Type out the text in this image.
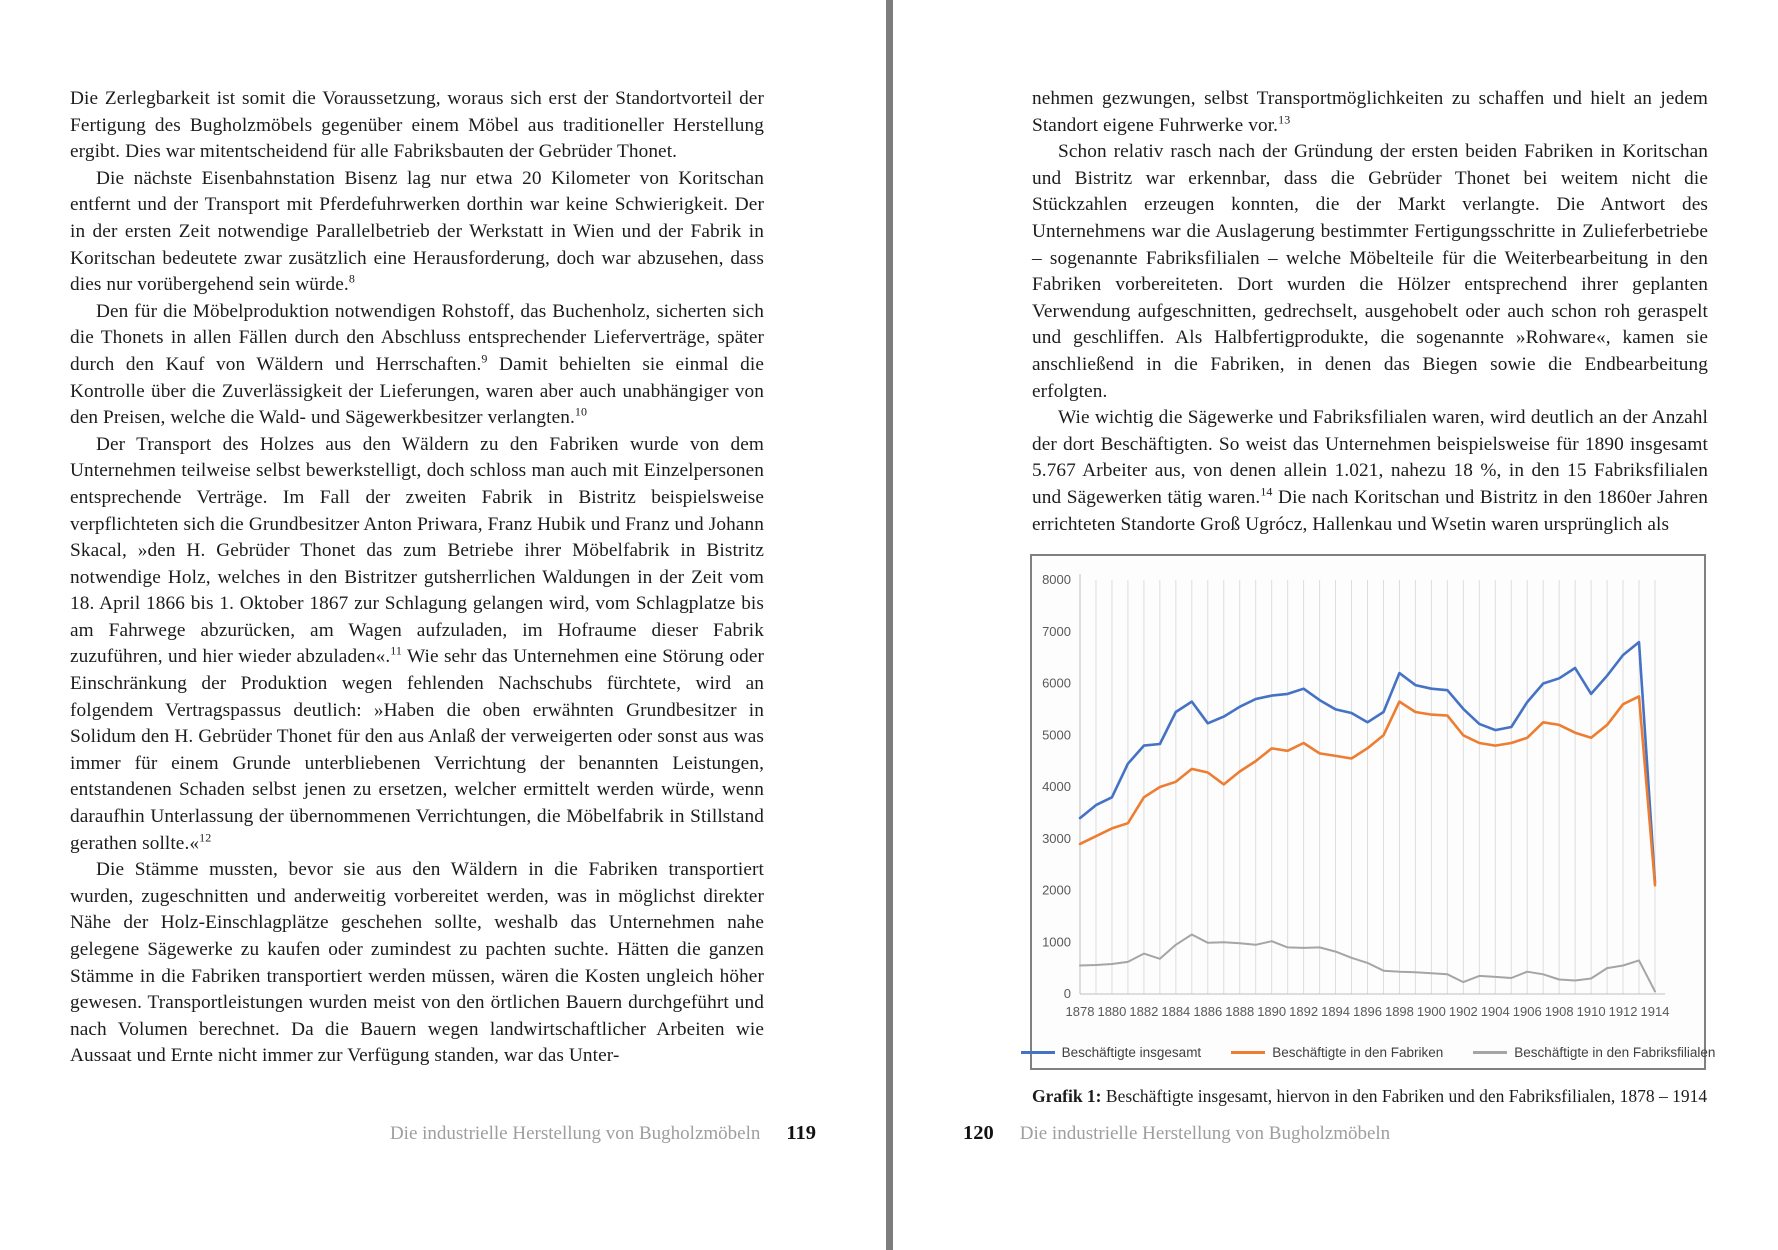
Die Zerlegbarkeit ist somit die Voraussetzung, woraus sich erst der Standortvorteil der Fertigung des Bugholzmöbels gegenüber einem Möbel aus traditioneller Herstellung ergibt. Dies war mitentscheidend für alle Fabriksbauten der Gebrüder Thonet.

Die nächste Eisenbahnstation Bisenz lag nur etwa 20 Kilometer von Koritschan entfernt und der Transport mit Pferdefuhrwerken dorthin war keine Schwierigkeit. Der in der ersten Zeit notwendige Parallelbetrieb der Werkstatt in Wien und der Fabrik in Koritschan bedeutete zwar zusätzlich eine Herausforderung, doch war abzusehen, dass dies nur vorübergehend sein würde.$^8$

Den für die Möbelproduktion notwendigen Rohstoff, das Buchenholz, sicherten sich die Thonets in allen Fällen durch den Abschluss entsprechender Lieferverträge, später durch den Kauf von Wäldern und Herrschaften.$^9$ Damit behielten sie einmal die Kontrolle über die Zuverlässigkeit der Lieferungen, waren aber auch unabhängiger von den Preisen, welche die Wald- und Sägewerkbesitzer verlangten.$^{10}$

Der Transport des Holzes aus den Wäldern zu den Fabriken wurde von dem Unternehmen teilweise selbst bewerkstelligt, doch schloss man auch mit Einzelpersonen entsprechende Verträge. Im Fall der zweiten Fabrik in Bistritz beispielsweise verpflichteten sich die Grundbesitzer Anton Priwara, Franz Hubik und Franz und Johann Skacal, »den H. Gebrüder Thonet das zum Betriebe ihrer Möbelfabrik in Bistritz notwendige Holz, welches in den Bistritzer gutsherrlichen Waldungen in der Zeit vom 18. April 1866 bis 1. Oktober 1867 zur Schlagung gelangen wird, vom Schlagplatze bis am Fahrwege abzurücken, am Wagen aufzuladen, im Hofraume dieser Fabrik zuzuführen, und hier wieder abzuladen«.$^{11}$ Wie sehr das Unternehmen eine Störung oder Einschränkung der Produktion wegen fehlenden Nachschubs fürchtete, wird an folgendem Vertragspassus deutlich: »Haben die oben erwähnten Grundbesitzer in Solidum den H. Gebrüder Thonet für den aus Anlaß der verweigerten oder sonst aus was immer für einem Grunde unterbliebenen Verrichtung der benannten Leistungen, entstandenen Schaden selbst jenen zu ersetzen, welcher ermittelt werden würde, wenn daraufhin Unterlassung der übernommenen Verrichtungen, die Möbelfabrik in Stillstand gerathen sollte.«$^{12}$

Die Stämme mussten, bevor sie aus den Wäldern in die Fabriken transportiert wurden, zugeschnitten und anderweitig vorbereitet werden, was in möglichst direkter Nähe der Holz-Einschlagplätze geschehen sollte, weshalb das Unternehmen nahe gelegene Sägewerke zu kaufen oder zumindest zu pachten suchte. Hätten die ganzen Stämme in die Fabriken transportiert werden müssen, wären die Kosten ungleich höher gewesen. Transportleistungen wurden meist von den örtlichen Bauern durchgeführt und nach Volumen berechnet. Da die Bauern wegen landwirtschaftlicher Arbeiten wie Aussaat und Ernte nicht immer zur Verfügung standen, war das Unter-

nehmen gezwungen, selbst Transportmöglichkeiten zu schaffen und hielt an jedem Standort eigene Fuhrwerke vor.$^{13}$

Schon relativ rasch nach der Gründung der ersten beiden Fabriken in Koritschan und Bistritz war erkennbar, dass die Gebrüder Thonet bei weitem nicht die Stückzahlen erzeugen konnten, die der Markt verlangte. Die Antwort des Unternehmens war die Auslagerung bestimmter Fertigungsschritte in Zulieferbetriebe – sogenannte Fabriksfilialen – welche Möbelteile für die Weiterbearbeitung in den Fabriken vorbereiteten. Dort wurden die Hölzer entsprechend ihrer geplanten Verwendung aufgeschnitten, gedrechselt, ausgehobelt oder auch schon roh geraspelt und geschliffen. Als Halbfertigprodukte, die sogenannte »Rohware«, kamen sie anschließend in die Fabriken, in denen das Biegen sowie die Endbearbeitung erfolgten.

Wie wichtig die Sägewerke und Fabriksfilialen waren, wird deutlich an der Anzahl der dort Beschäftigten. So weist das Unternehmen beispielsweise für 1890 insgesamt 5.767 Arbeiter aus, von denen allein 1.021, nahezu 18 %, in den 15 Fabriksfilialen und Sägewerken tätig waren.$^{14}$ Die nach Koritschan und Bistritz in den 1860er Jahren errichteten Standorte Groß Ugrócz, Hallenkau und Wsetin waren ursprünglich als

0
1000
2000
3000
4000
5000
6000
7000
8000
1878 1880 1882 1884 1886 1888 1890 1892 1894 1896 1898 1900 1902 1904 1906 1908 1910 1912 1914
Beschäftigte insgesamt	Beschäftigte in den Fabriken	Beschäftigte in den Fabriksfilialen
Grafik 1: Beschäftigte insgesamt, hiervon in den Fabriken und den Fabriksfilialen, 1878 – 1914
Die industrielle Herstellung von Bugholzmöbeln 119	120 Die industrielle Herstellung von Bugholzmöbeln
